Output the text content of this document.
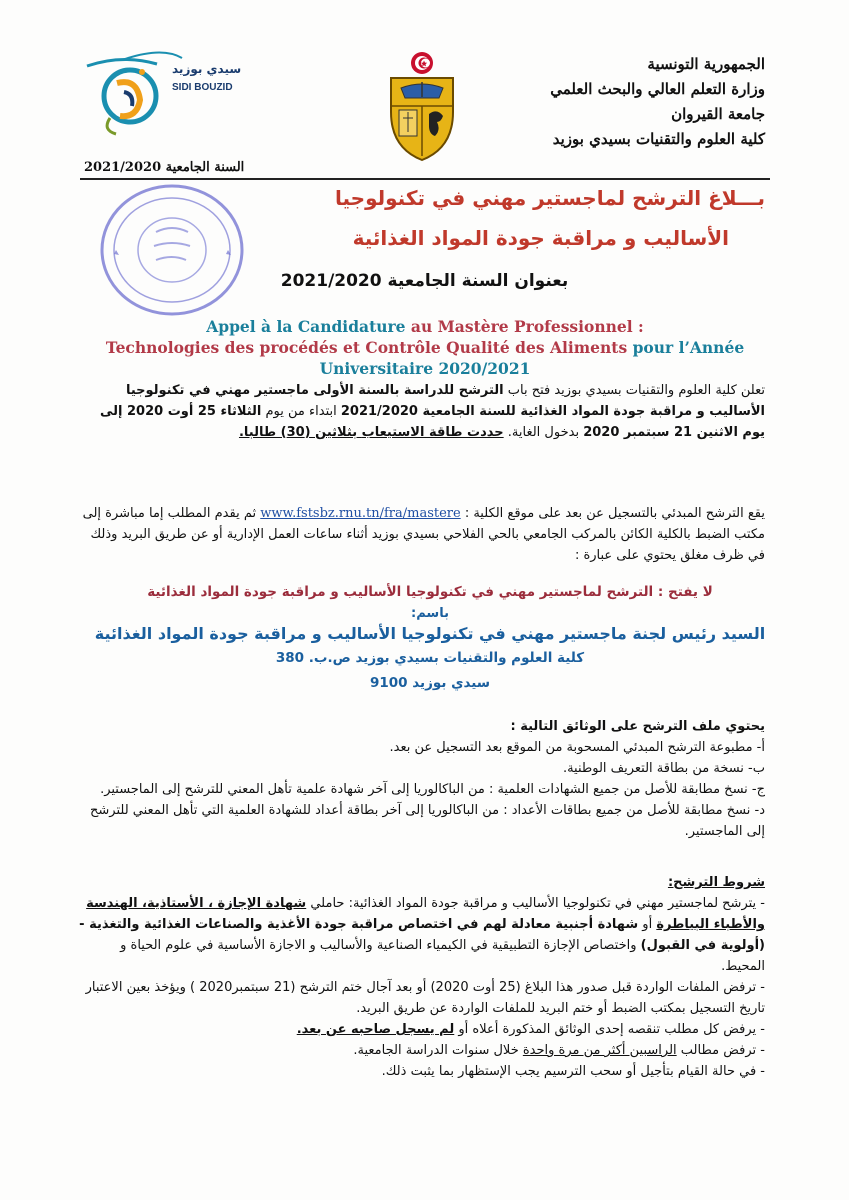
الجمهورية التونسية
وزارة التعلم العالي والبحث العلمي
جامعة القيروان
كلية العلوم والتقنيات بسيدي بوزيد
سيدي بوزيد
SIDI BOUZID
السنة الجامعية 2021/2020
بـــلاغ الترشح لماجستير مهني في تكنولوجيا
الأساليب و مراقبة جودة المواد الغذائية
بعنوان السنة الجامعية 2021/2020
Appel à la Candidature au Mastère Professionnel :
Technologies des procédés et Contrôle Qualité des Aliments pour l’Année Universitaire 2020/2021
تعلن كلية العلوم والتقنيات بسيدي بوزيد فتح باب الترشح للدراسة بالسنة الأولى ماجستير مهني في تكنولوجيا الأساليب و مراقبة جودة المواد الغذائية للسنة الجامعية 2021/2020 ابتداء من يوم الثلاثاء 25 أوت 2020 إلى يوم الاثنين 21 سبتمبر 2020 بدخول الغاية. حددت طاقة الاستيعاب بثلاثين (30) طالبا.
يقع الترشح المبدئي بالتسجيل عن بعد على موقع الكلية : www.fstsbz.rnu.tn/fra/mastere ثم يقدم المطلب إما مباشرة إلى مكتب الضبط بالكلية الكائن بالمركب الجامعي بالحي الفلاحي بسيدي بوزيد أثناء ساعات العمل الإدارية أو عن طريق البريد وذلك في ظرف مغلق يحتوي على عبارة :
لا يفتح : الترشح لماجستير مهني في تكنولوجيا الأساليب و مراقبة جودة المواد الغذائية
باسم:
السيد رئيس لجنة ماجستير مهني في تكنولوجيا الأساليب و مراقبة جودة المواد الغذائية
كلية العلوم والتقنيات بسيدي بوزيد ص.ب. 380
سيدي بوزيد 9100
يحتوي ملف الترشح على الوثائق التالية :
أ- مطبوعة الترشح المبدئي المسحوبة من الموقع بعد التسجيل عن بعد.
ب- نسخة من بطاقة التعريف الوطنية.
ج- نسخ مطابقة للأصل من جميع الشهادات العلمية : من الباكالوريا إلى آخر شهادة علمية تأهل المعني للترشح إلى الماجستير.
د- نسخ مطابقة للأصل من جميع بطاقات الأعداد : من الباكالوريا إلى آخر بطاقة أعداد للشهادة العلمية التي تأهل المعني للترشح إلى الماجستير.
شروط الترشح:
- يترشح لماجستير مهني في تكنولوجيا الأساليب و مراقبة جودة المواد الغذائية: حاملي شهادة الإجازة ، الأستاذية، الهندسة والأطباء البياطرة أو شهادة أجنبية معادلة لهم في اختصاص مراقبة جودة الأغذية والصناعات الغذائية والتغذية - (أولوية في القبول) واختصاص الإجازة التطبيقية في الكيمياء الصناعية والأساليب و الاجازة الأساسية في علوم الحياة و المحيط.
- ترفض الملفات الواردة قبل صدور هذا البلاغ (25 أوت 2020) أو بعد آجال ختم الترشح (21 سبتمبر2020 ) ويؤخذ بعين الاعتبار تاريخ التسجيل بمكتب الضبط أو ختم البريد للملفات الواردة عن طريق البريد.
- يرفض كل مطلب تنقصه إحدى الوثائق المذكورة أعلاه أو لم يسجل صاحبه عن بعد.
- ترفض مطالب الراسبين أكثر من مرة واحدة خلال سنوات الدراسة الجامعية.
- في حالة القيام بتأجيل أو سحب الترسيم يجب الإستظهار بما يثبت ذلك.
